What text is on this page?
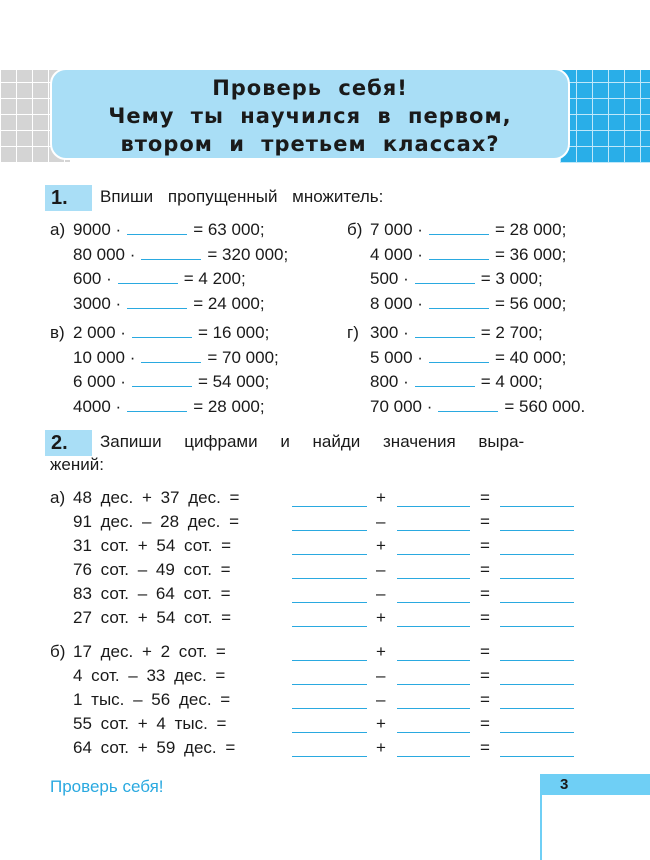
Проверь себя!
Чему ты научился в первом,
втором и третьем классах?
1.	Впиши пропущенный множитель:
а) 9000 ·	= 63 000;
80 000 ·	= 320 000;
600 ·	= 4 200;
3000 ·	= 24 000;
б) 7 000 ·	= 28 000;
4 000 ·	= 36 000;
500 ·	= 3 000;
8 000 ·	= 56 000;
в) 2 000 ·	= 16 000;
10 000 ·	= 70 000;
6 000 ·	= 54 000;
4000 ·	= 28 000;
г) 300 ·	= 2 700;
5 000 ·	= 40 000;
800 ·	= 4 000;
70 000 ·	= 560 000.
2.	Запиши цифрами и найди значения выра-
жений:
а) 48 дес. + 37 дес. =	+	=
91 дес. – 28 дес. =	–	=
31 сот. + 54 сот. =	+	=
76 сот. – 49 сот. =	–	=
83 сот. – 64 сот. =	–	=
27 сот. + 54 сот. =	+	=
б) 17 дес. + 2 сот. =	+	=
4 сот. – 33 дес. =	–	=
1 тыс. – 56 дес. =	–	=
55 сот. + 4 тыс. =	+	=
64 сот. + 59 дес. =	+	=
Проверь себя!	3
